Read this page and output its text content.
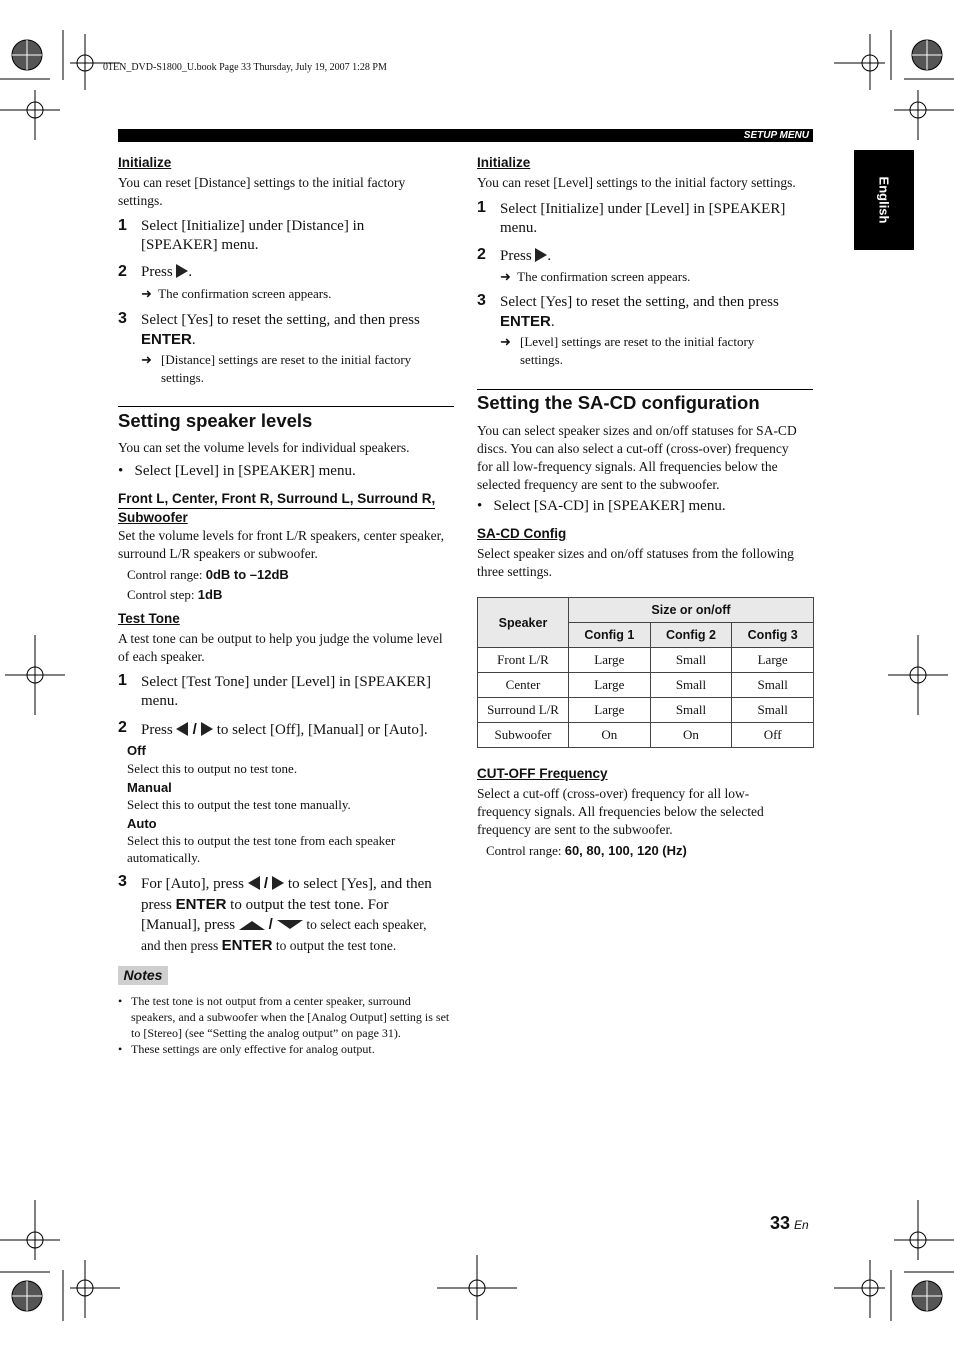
01EN_DVD-S1800_U.book Page 33 Thursday, July 19, 2007 1:28 PM
SETUP MENU
English
Initialize
You can reset [Distance] settings to the initial factory settings.
1 Select [Initialize] under [Distance] in [SPEAKER] menu.
2 Press .
➜ The confirmation screen appears.
3 Select [Yes] to reset the setting, and then press ENTER.
➜ [Distance] settings are reset to the initial factory settings.
Setting speaker levels
You can set the volume levels for individual speakers.
•   Select [Level] in [SPEAKER] menu.
Front L, Center, Front R, Surround L, Surround R,
Subwoofer
Set the volume levels for front L/R speakers, center speaker, surround L/R speakers or subwoofer.
Control range: 0dB to –12dB
Control step: 1dB
Test Tone
A test tone can be output to help you judge the volume level of each speaker.
1 Select [Test Tone] under [Level] in [SPEAKER] menu.
2 Press  /  to select [Off], [Manual] or [Auto].
Off
Select this to output no test tone.
Manual
Select this to output the test tone manually.
Auto
Select this to output the test tone from each speaker automatically.
3 For [Auto], press  /  to select [Yes], and then
press ENTER to output the test tone. For
[Manual], press / to select each speaker,
and then press ENTER to output the test tone.
Notes
• The test tone is not output from a center speaker, surround speakers, and a subwoofer when the [Analog Output] setting is set to [Stereo] (see “Setting the analog output” on page 31).
• These settings are only effective for analog output.
Initialize
You can reset [Level] settings to the initial factory settings.
1 Select [Initialize] under [Level] in [SPEAKER] menu.
2 Press .
➜ The confirmation screen appears.
3 Select [Yes] to reset the setting, and then press ENTER.
➜ [Level] settings are reset to the initial factory settings.
Setting the SA-CD configuration
You can select speaker sizes and on/off statuses for SA-CD discs. You can also select a cut-off (cross-over) frequency for all low-frequency signals. All frequencies below the selected frequency are sent to the subwoofer.
•   Select [SA-CD] in [SPEAKER] menu.
SA-CD Config
Select speaker sizes and on/off statuses from the following three settings.
Speaker	Size or on/off		
	Config 1	Config 2	Config 3
Front L/R	Large	Small	Large
Center	Large	Small	Small
Surround L/R	Large	Small	Small
Subwoofer	On	On	Off
CUT-OFF Frequency
Select a cut-off (cross-over) frequency for all low-frequency signals. All frequencies below the selected frequency are sent to the subwoofer.
Control range: 60, 80, 100, 120 (Hz)
33 En
